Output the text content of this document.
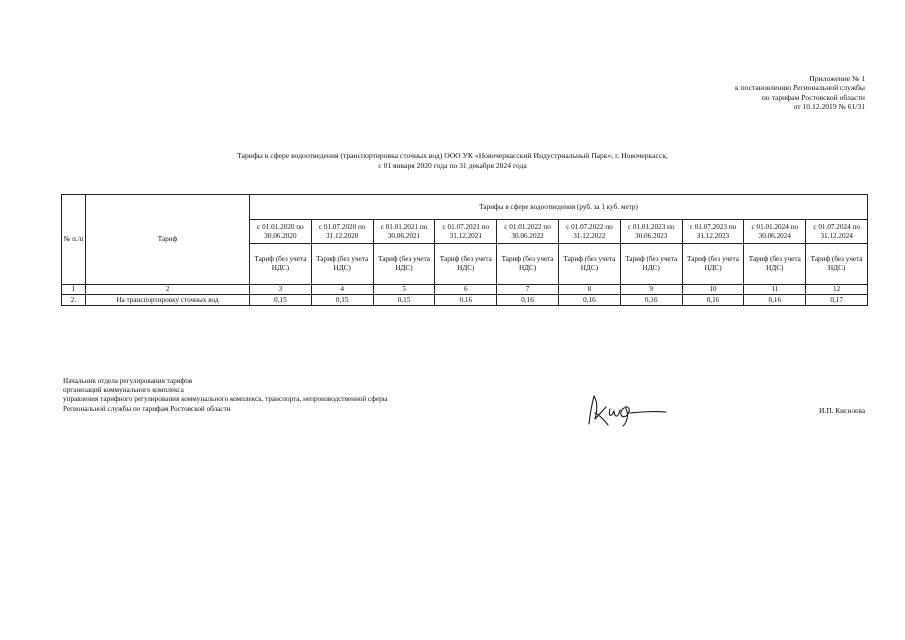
Приложение № 1
к постановлению Региональной службы
по тарифам Ростовской области
от 10.12.2019 № 61/31
Тарифы в сфере водоотведения (транспортировка сточных вод) ООО УК «Новочеркасский Индустриальный Парк», г. Новочеркасск,
с 01 января 2020 года по 31 декабря 2024 года
№ п./п	Тариф	Тарифы в сфере водоотведения (руб. за 1 куб. метр)									
		с 01.01.2020 по 30.06.2020	с 01.07.2020 по 31.12.2020	с 01.01.2021 по 30.06.2021	с 01.07.2021 по 31.12.2021	с 01.01.2022 по 30.06.2022	с 01.07.2022 по 31.12.2022	с 01.01.2023 по 30.06.2023	с 01.07.2023 по 31.12.2023	с 01.01.2024 по 30.06.2024	с 01.07.2024 по 31.12.2024
		Тариф (без учета НДС)	Тариф (без учета НДС)	Тариф (без учета НДС)	Тариф (без учета НДС)	Тариф (без учета НДС)	Тариф (без учета НДС)	Тариф (без учета НДС)	Тариф (без учета НДС)	Тариф (без учета НДС)	Тариф (без учета НДС)
1	2	3	4	5	6	7	8	9	10	11	12
2.	На транспортировку сточных вод	0,15	0,15	0,15	0,16	0,16	0,16	0,16	0,16	0,16	0,17
Начальник отдела регулирования тарифов
организаций коммунального комплекса
управления тарифного регулирования коммунального комплекса, транспорта, непроизводственной сферы
Региональной службы по тарифам Ростовской области	И.П. Кисилева
